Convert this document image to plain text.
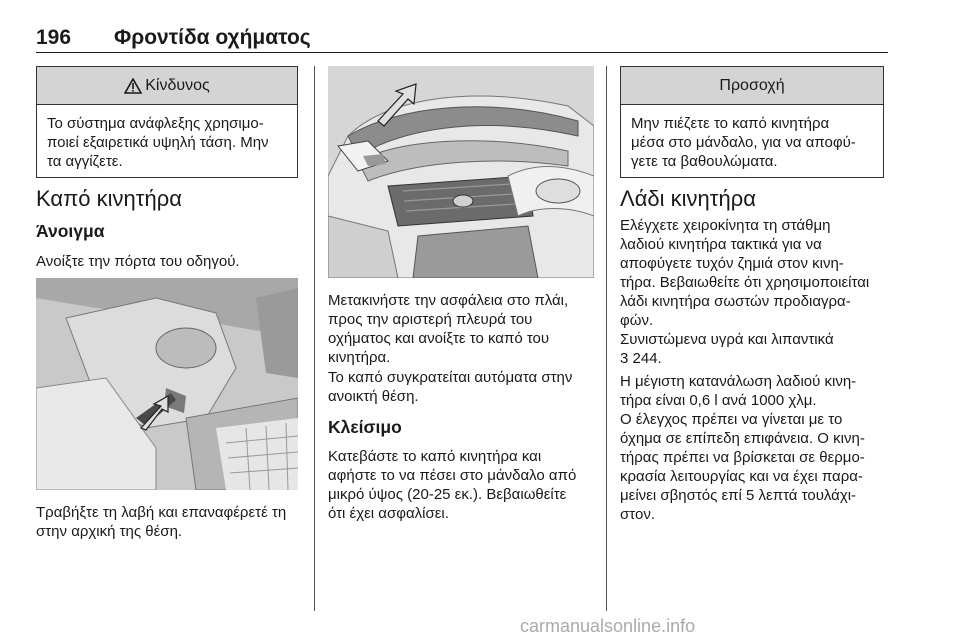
196 Φροντίδα οχήματος
Κίνδυνος
Το σύστημα ανάφλεξης χρησιμο-
ποιεί εξαιρετικά υψηλή τάση. Μην
τα αγγίζετε.
Καπό κινητήρα
Άνοιγμα
Ανοίξτε την πόρτα του οδηγού.
Τραβήξτε τη λαβή και επαναφέρετέ τη
στην αρχική της θέση.
Μετακινήστε την ασφάλεια στο πλάι,
προς την αριστερή πλευρά του
οχήματος και ανοίξτε το καπό του
κινητήρα.
Το καπό συγκρατείται αυτόματα στην
ανοικτή θέση.
Κλείσιμο
Κατεβάστε το καπό κινητήρα και
αφήστε το να πέσει στο μάνδαλο από
μικρό ύψος (20-25 εκ.). Βεβαιωθείτε
ότι έχει ασφαλίσει.
Προσοχή
Μην πιέζετε το καπό κινητήρα
μέσα στο μάνδαλο, για να αποφύ-
γετε τα βαθουλώματα.
Λάδι κινητήρα
Ελέγχετε χειροκίνητα τη στάθμη
λαδιού κινητήρα τακτικά για να
αποφύγετε τυχόν ζημιά στον κινη-
τήρα. Βεβαιωθείτε ότι χρησιμοποιείται
λάδι κινητήρα σωστών προδιαγρα-
φών.
Συνιστώμενα υγρά και λιπαντικά
3 244.
Η μέγιστη κατανάλωση λαδιού κινη-
τήρα είναι 0,6 l ανά 1000 χλμ.
Ο έλεγχος πρέπει να γίνεται με το
όχημα σε επίπεδη επιφάνεια. Ο κινη-
τήρας πρέπει να βρίσκεται σε θερμο-
κρασία λειτουργίας και να έχει παρα-
μείνει σβηστός επί 5 λεπτά τουλάχι-
στον.
carmanualsonline.info
